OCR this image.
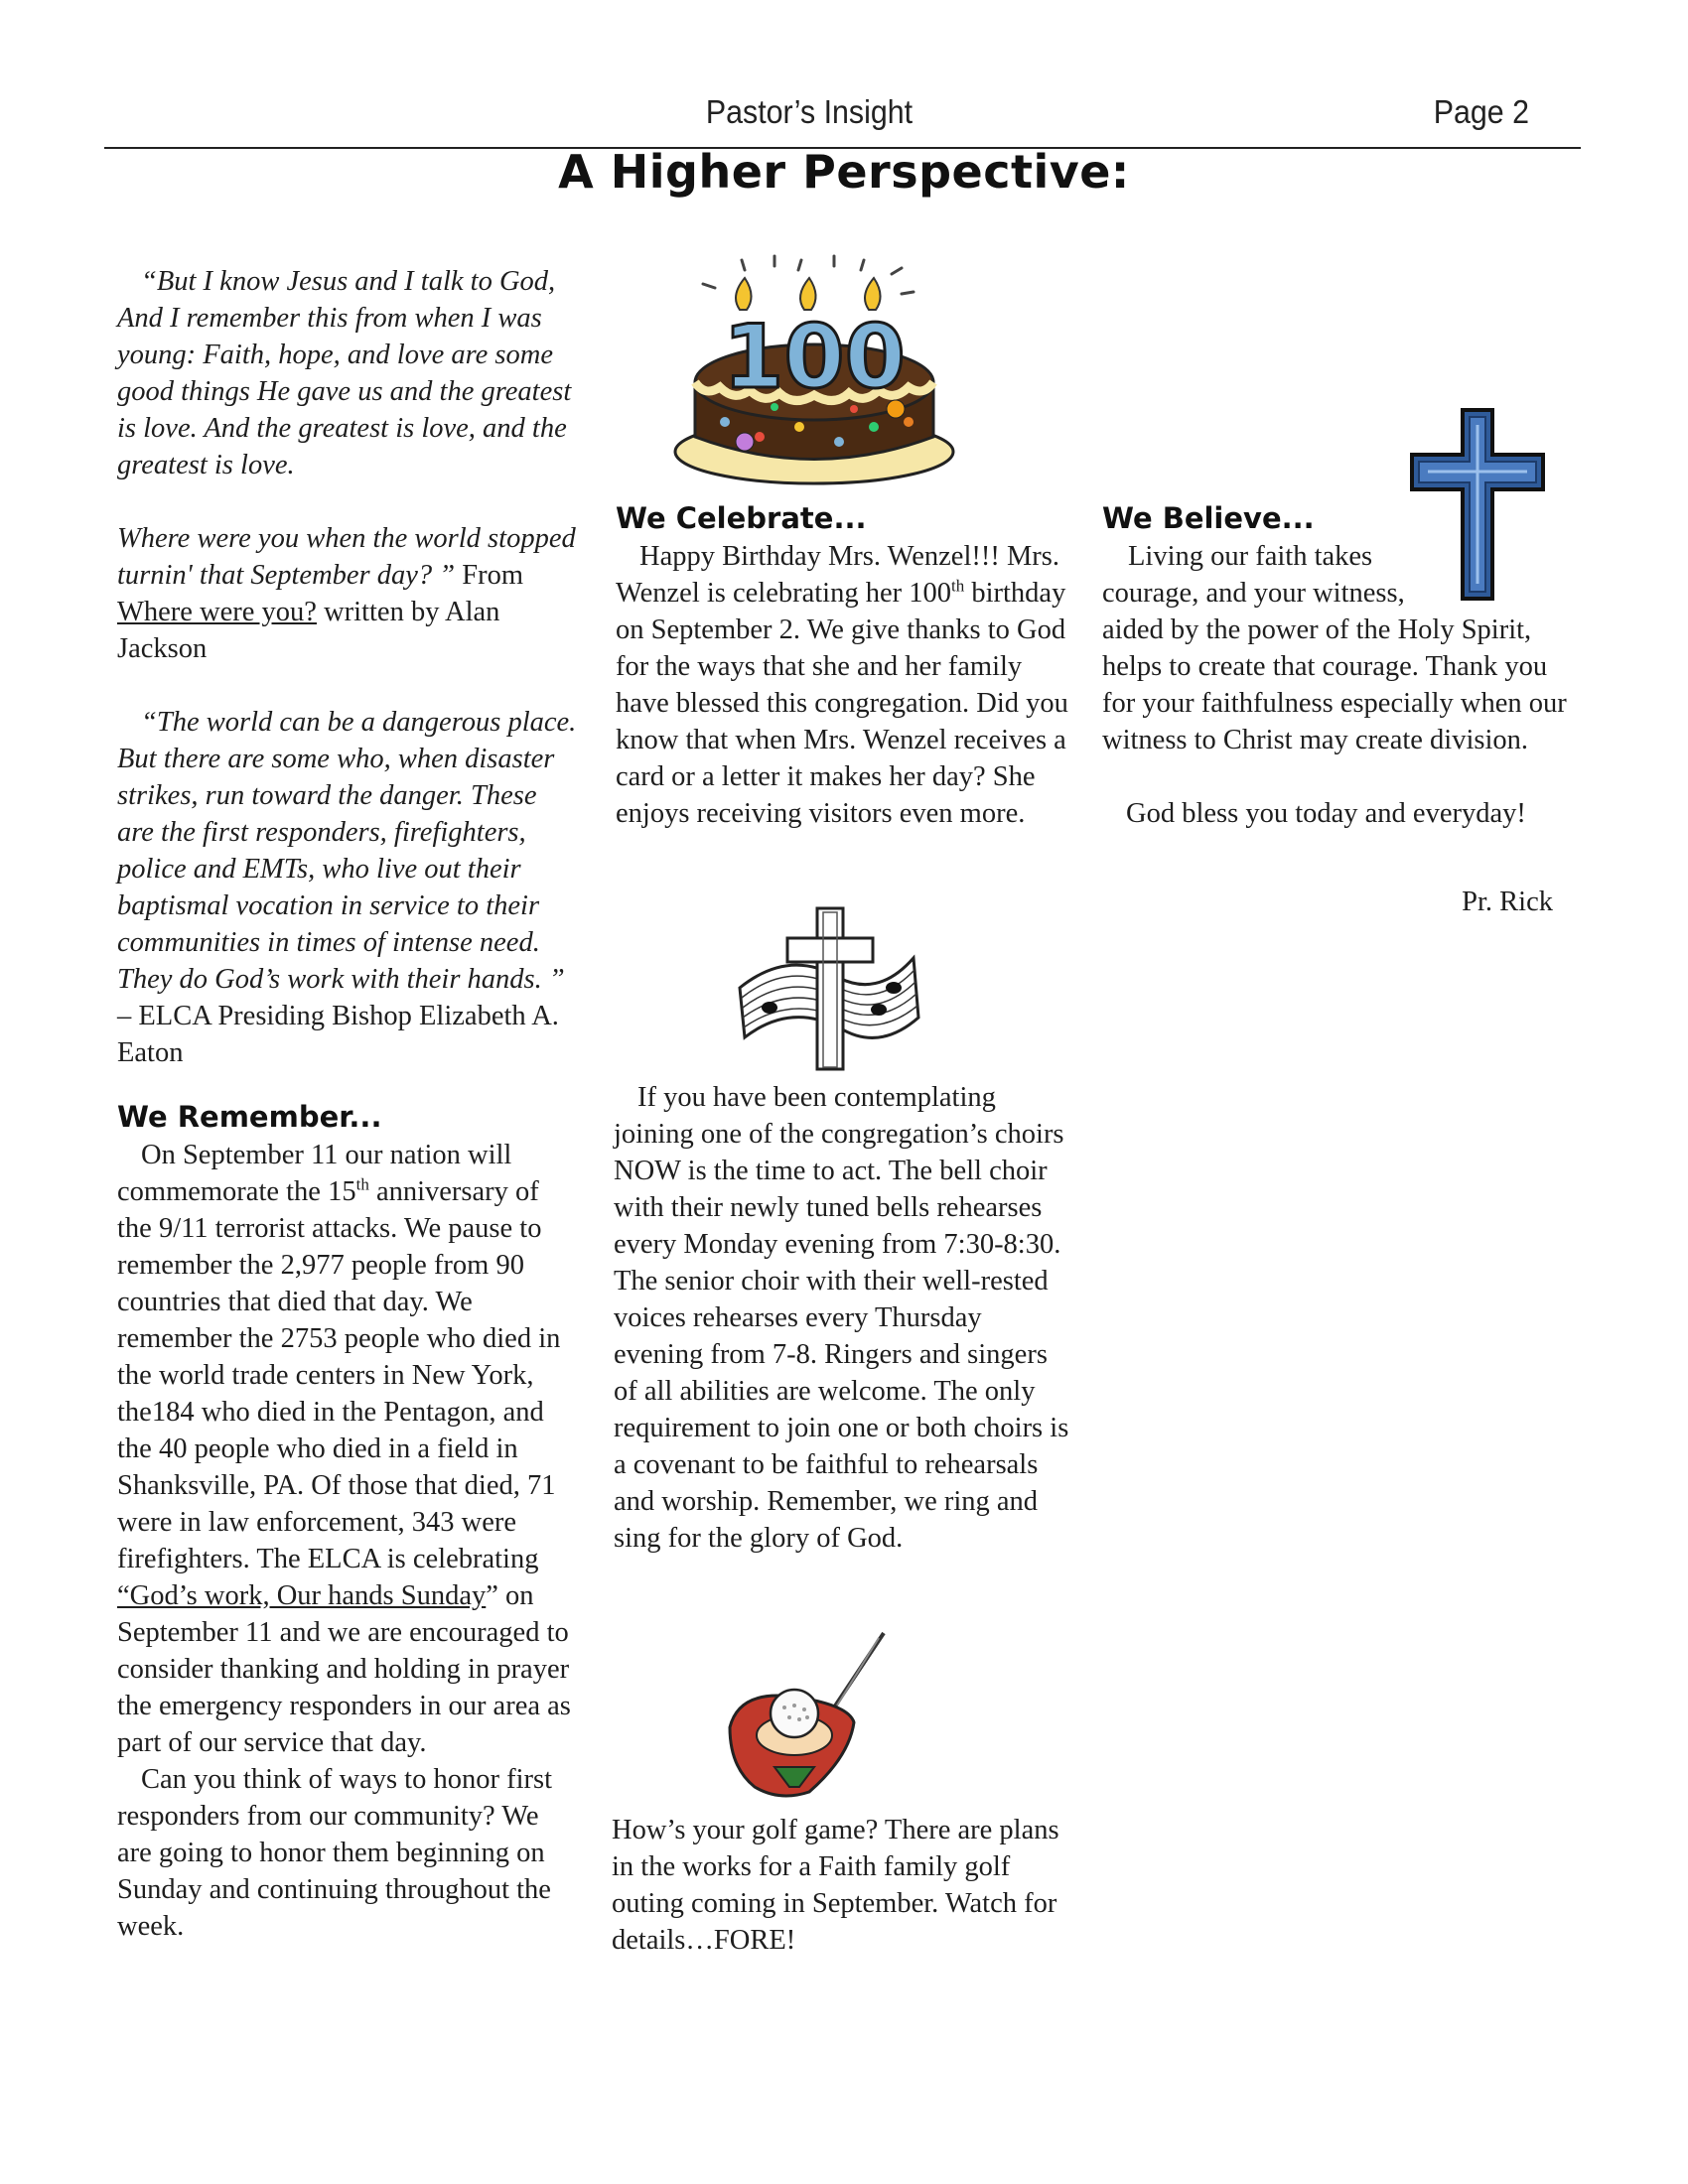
Pastor’s Insight	Page 2
A Higher Perspective:

“But I know Jesus and I talk to God, And I remember this from when I was young: Faith, hope, and love are some good things He gave us and the greatest is love. And the greatest is love, and the greatest is love.

Where were you when the world stopped turnin' that September day? ” From Where were you? written by Alan Jackson

“The world can be a dangerous place. But there are some who, when disaster strikes, run toward the danger. These are the first responders, firefighters, police and EMTs, who live out their baptismal vocation in service to their communities in times of intense need. They do God’s work with their hands. ” – ELCA Presiding Bishop Elizabeth A. Eaton

We Remember...

On September 11 our nation will commemorate the 15th anniversary of the 9/11 terrorist attacks. We pause to remember the 2,977 people from 90 countries that died that day. We remember the 2753 people who died in the world trade centers in New York, the184 who died in the Pentagon, and the 40 people who died in a field in Shanksville, PA. Of those that died, 71 were in law enforcement, 343 were firefighters. The ELCA is celebrating “God’s work, Our hands Sunday” on September 11 and we are encouraged to consider thanking and holding in prayer the emergency responders in our area as part of our service that day.

Can you think of ways to honor first responders from our community? We are going to honor them beginning on Sunday and continuing throughout the week.

100
We Celebrate...

Happy Birthday Mrs. Wenzel!!! Mrs. Wenzel is celebrating her 100th birthday on September 2. We give thanks to God for the ways that she and her family have blessed this congregation. Did you know that when Mrs. Wenzel receives a card or a letter it makes her day? She enjoys receiving visitors even more.

If you have been contemplating joining one of the congregation’s choirs NOW is the time to act. The bell choir with their newly tuned bells rehearses every Monday evening from 7:30-8:30. The senior choir with their well-rested voices rehearses every Thursday evening from 7-8. Ringers and singers of all abilities are welcome. The only requirement to join one or both choirs is a covenant to be faithful to rehearsals and worship. Remember, we ring and sing for the glory of God.

How’s your golf game? There are plans in the works for a Faith family golf outing coming in September. Watch for details…FORE!

We Believe...

Living our faith takes courage, and your witness, aided by the power of the Holy Spirit, helps to create that courage. Thank you for your faithfulness especially when our witness to Christ may create division.

God bless you today and everyday!

Pr. Rick
